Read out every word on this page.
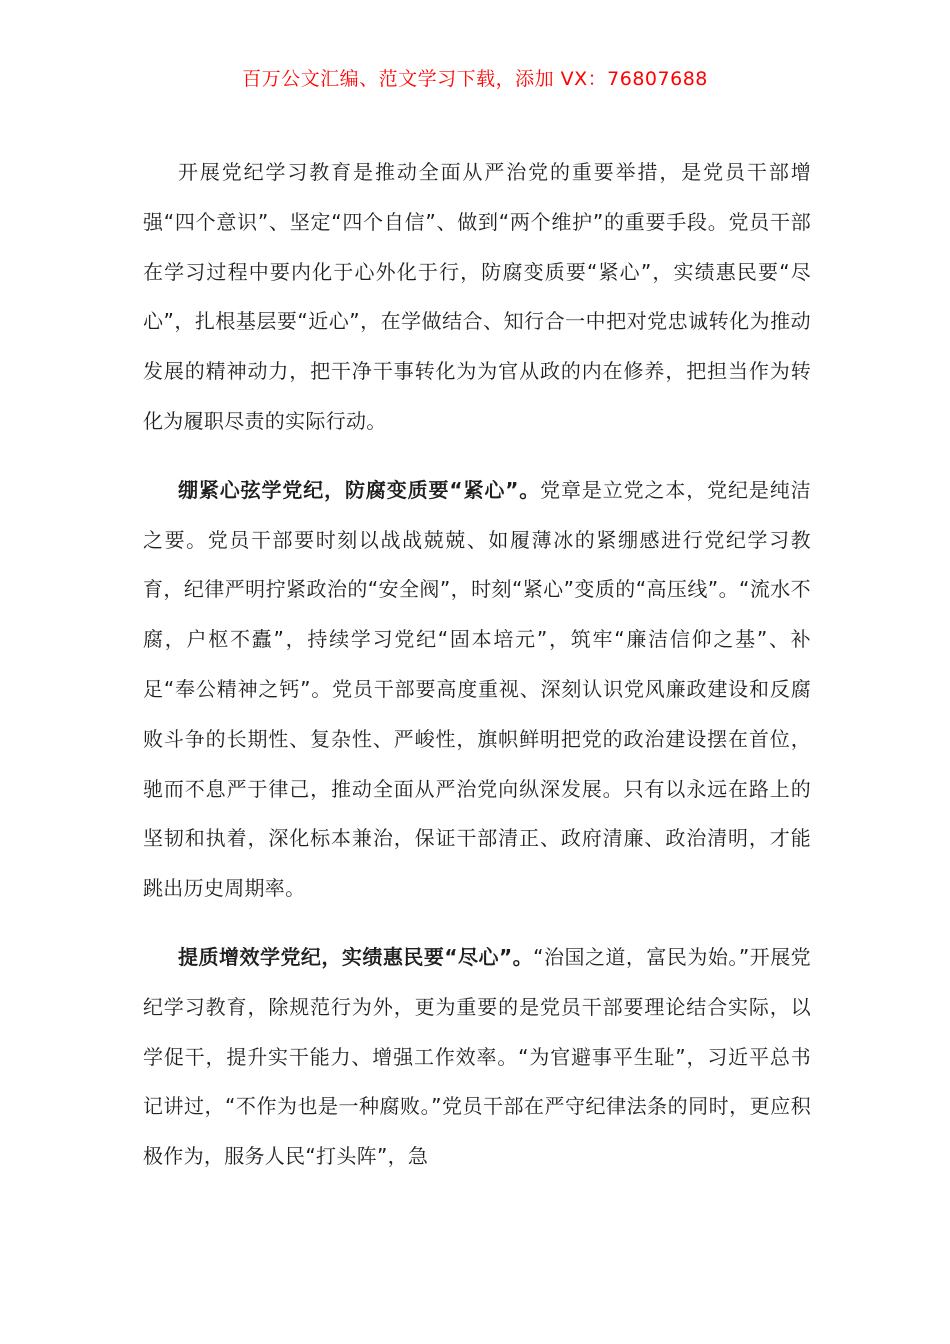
百万公文汇编、范文学习下载，添加 VX：76807688

开展党纪学习教育是推动全面从严治党的重要举措，是党员干部增强“四个意识”、坚定“四个自信”、做到“两个维护”的重要手段。党员干部在学习过程中要内化于心外化于行，防腐变质要“紧心”，实绩惠民要“尽心”，扎根基层要“近心”，在学做结合、知行合一中把对党忠诚转化为推动发展的精神动力，把干净干事转化为为官从政的内在修养，把担当作为转化为履职尽责的实际行动。

绷紧心弦学党纪，防腐变质要“紧心”。党章是立党之本，党纪是纯洁之要。党员干部要时刻以战战兢兢、如履薄冰的紧绷感进行党纪学习教育，纪律严明拧紧政治的“安全阀”，时刻“紧心”变质的“高压线”。“流水不腐，户枢不蠹”，持续学习党纪“固本培元”，筑牢“廉洁信仰之基”、补足“奉公精神之钙”。党员干部要高度重视、深刻认识党风廉政建设和反腐败斗争的长期性、复杂性、严峻性，旗帜鲜明把党的政治建设摆在首位，驰而不息严于律己，推动全面从严治党向纵深发展。只有以永远在路上的坚韧和执着，深化标本兼治，保证干部清正、政府清廉、政治清明，才能跳出历史周期率。

提质增效学党纪，实绩惠民要“尽心”。“治国之道，富民为始。”开展党纪学习教育，除规范行为外，更为重要的是党员干部要理论结合实际，以学促干，提升实干能力、增强工作效率。“为官避事平生耻”，习近平总书记讲过，“不作为也是一种腐败。”党员干部在严守纪律法条的同时，更应积极作为，服务人民“打头阵”，急
